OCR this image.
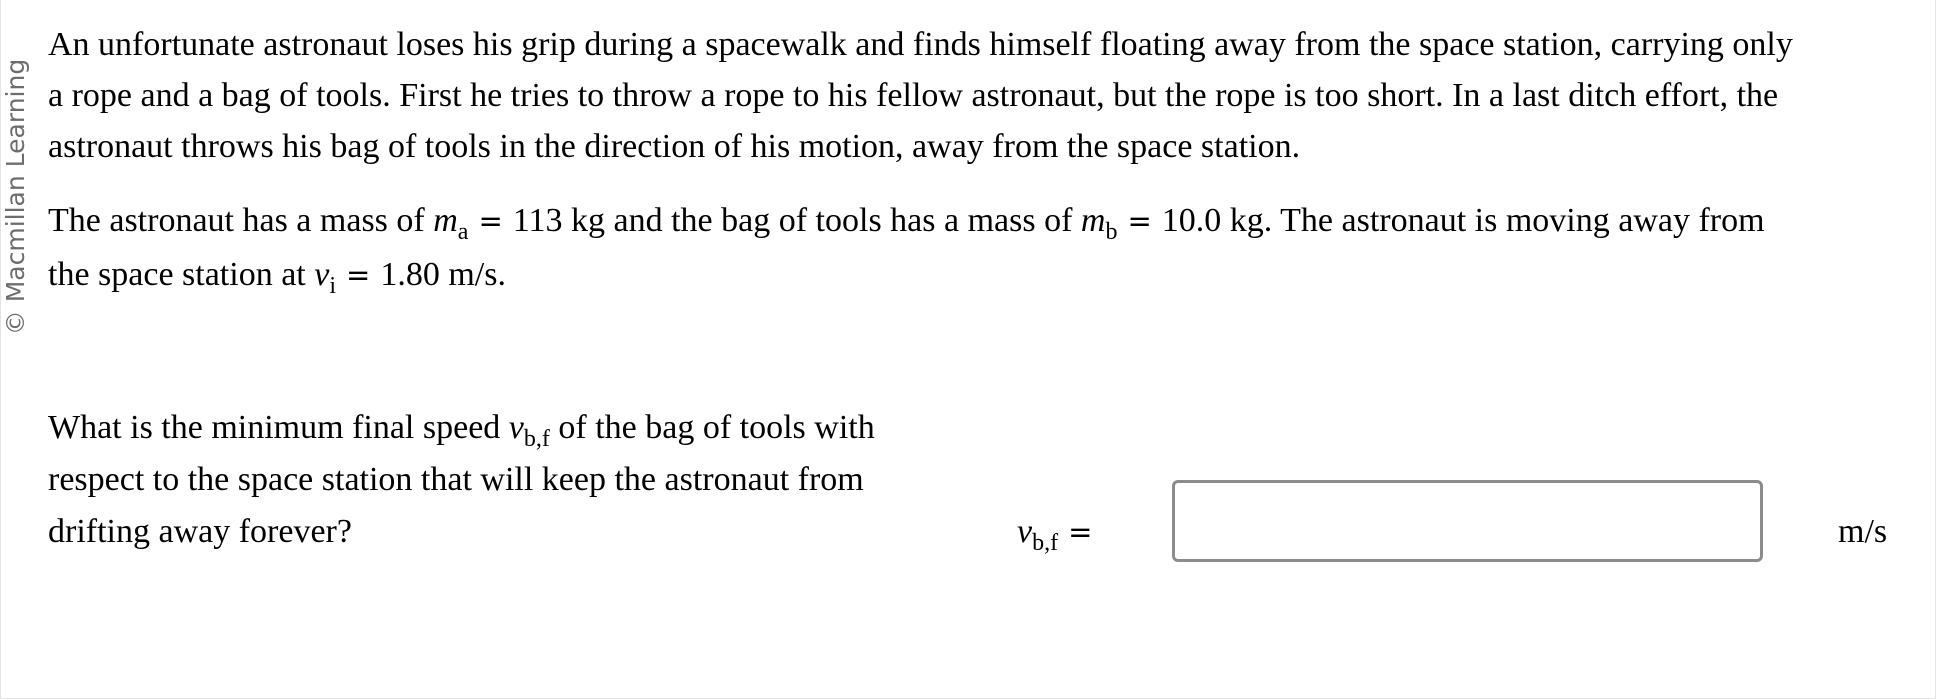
© Macmillan Learning

An unfortunate astronaut loses his grip during a spacewalk and finds himself floating away from the space station, carrying only

a rope and a bag of tools. First he tries to throw a rope to his fellow astronaut, but the rope is too short. In a last ditch effort, the

astronaut throws his bag of tools in the direction of his motion, away from the space station.

The astronaut has a mass of $m_a = 113$ kg and the bag of tools has a mass of $m_b = 10.0$ kg. The astronaut is moving away from

the space station at $v_i = 1.80$ m/s.

What is the minimum final speed $v_{b,f}$ of the bag of tools with

respect to the space station that will keep the astronaut from

drifting away forever?	$v_{b,f}$ =	m/s
